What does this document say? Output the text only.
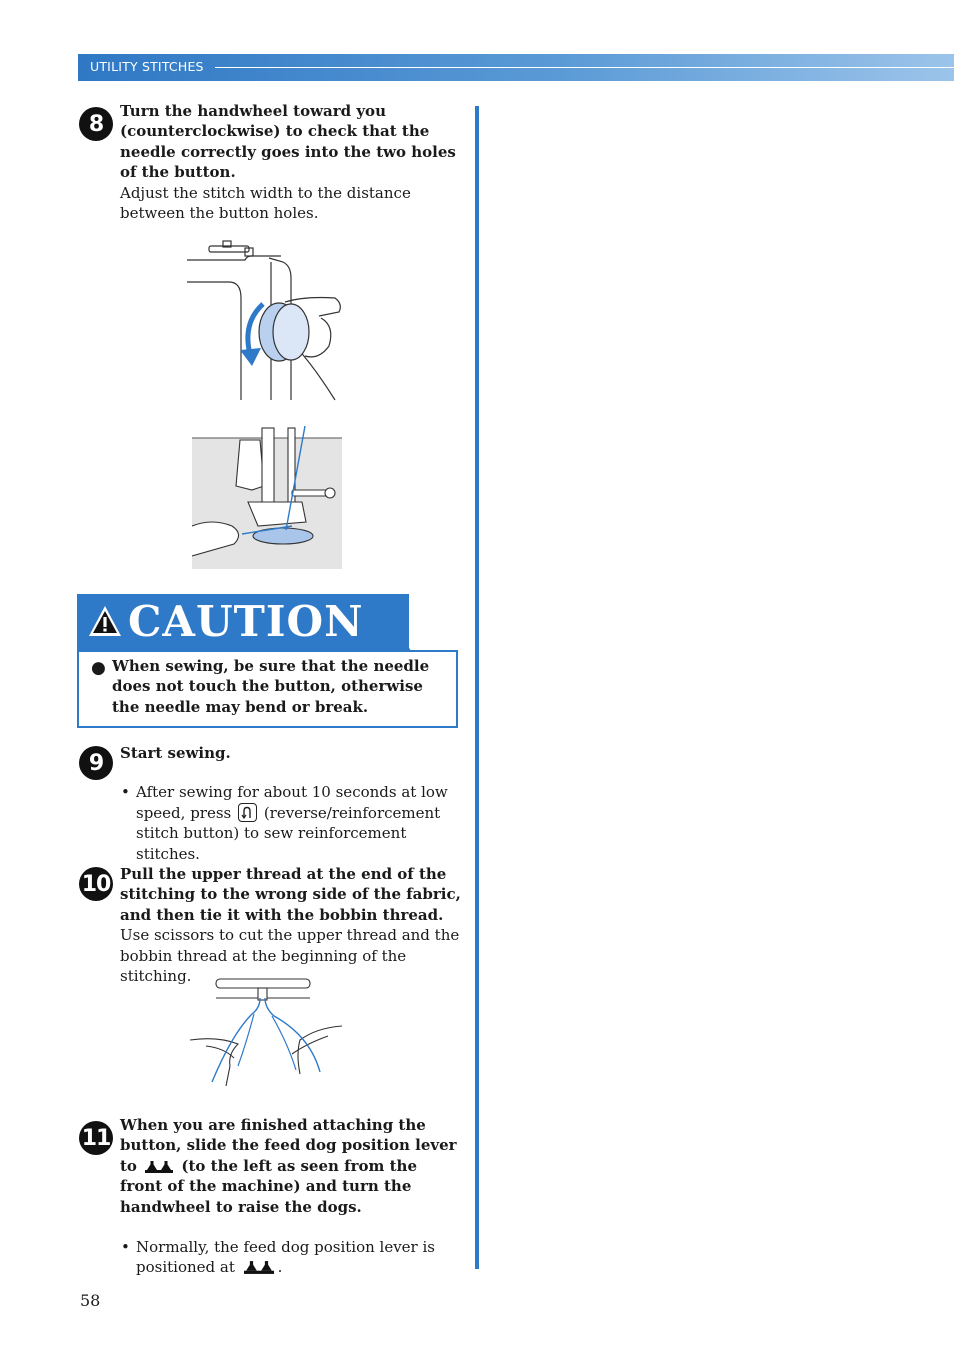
UTILITY STITCHES
8
Turn the handwheel toward you (counterclockwise) to check that the needle correctly goes into the two holes of the button.
Adjust the stitch width to the distance between the button holes.
CAUTION
● When sewing, be sure that the needle does not touch the button, otherwise the needle may bend or break.
9	Start sewing.
• After sewing for about 10 seconds at low speed, press (reverse/reinforcement stitch button) to sew reinforcement stitches.
10 Pull the upper thread at the end of the stitching to the wrong side of the fabric, and then tie it with the bobbin thread.
Use scissors to cut the upper thread and the bobbin thread at the beginning of the stitching.
11
When you are finished attaching the button, slide the feed dog position lever to	(to the left as seen from the front of the machine) and turn the handwheel to raise the dogs.
• Normally, the feed dog position lever is positioned at	.
58
